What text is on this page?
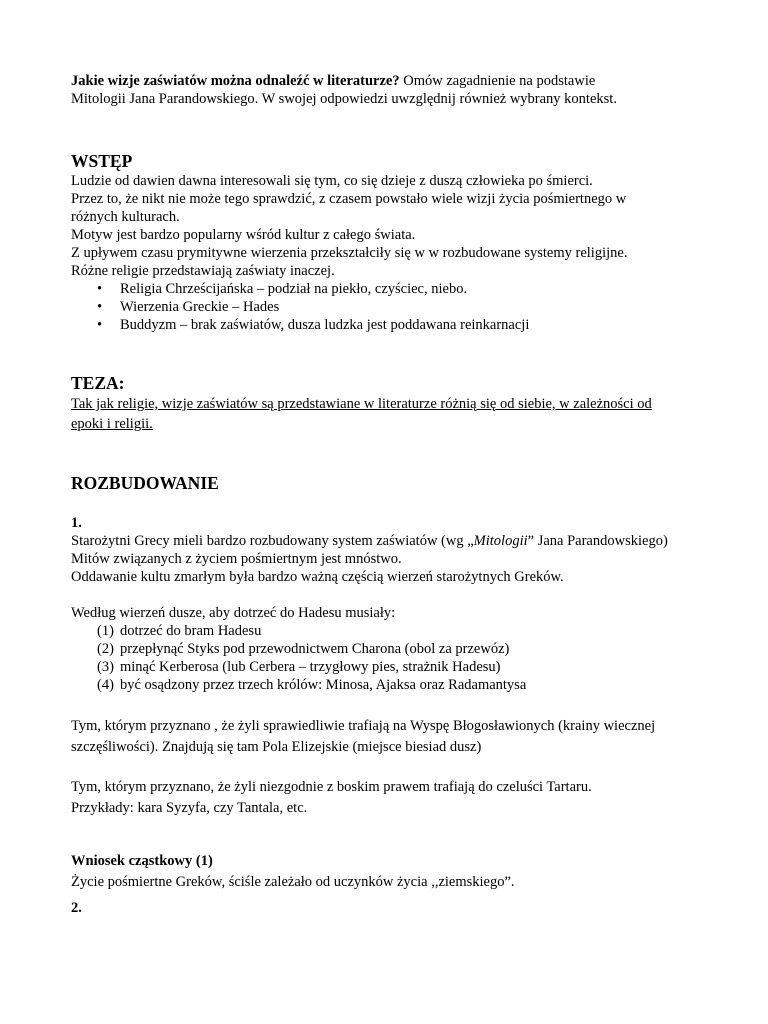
Jakie wizje zaświatów można odnaleźć w literaturze? Omów zagadnienie na podstawie Mitologii Jana Parandowskiego. W swojej odpowiedzi uwzględnij również wybrany kontekst.

WSTĘP

Ludzie od dawien dawna interesowali się tym, co się dzieje z duszą człowieka po śmierci.

Przez to, że nikt nie może tego sprawdzić, z czasem powstało wiele wizji życia pośmiertnego w różnych kulturach.

Motyw jest bardzo popularny wśród kultur z całego świata.

Z upływem czasu prymitywne wierzenia przekształciły się w w rozbudowane systemy religijne.

Różne religie przedstawiają zaświaty inaczej.

• Religia Chrześcijańska – podział na piekło, czyściec, niebo.
• Wierzenia Greckie – Hades
• Buddyzm – brak zaświatów, dusza ludzka jest poddawana reinkarnacji
TEZA:

Tak jak religie, wizje zaświatów są przedstawiane w literaturze różnią się od siebie, w zależności od epoki i religii.

ROZBUDOWANIE

1.

Starożytni Grecy mieli bardzo rozbudowany system zaświatów (wg „Mitologii” Jana Parandowskiego)

Mitów związanych z życiem pośmiertnym jest mnóstwo.

Oddawanie kultu zmarłym była bardzo ważną częścią wierzeń starożytnych Greków.

Według wierzeń dusze, aby dotrzeć do Hadesu musiały:

(1) dotrzeć do bram Hadesu
(2) przepłynąć Styks pod przewodnictwem Charona (obol za przewóz)
(3) minąć Kerberosa (lub Cerbera – trzygłowy pies, strażnik Hadesu)
(4) być osądzony przez trzech królów: Minosa, Ajaksa oraz Radamantysa

Tym, którym przyznano , że żyli sprawiedliwie trafiają na Wyspę Błogosławionych (krainy wiecznej szczęśliwości). Znajdują się tam Pola Elizejskie (miejsce biesiad dusz)

Tym, którym przyznano, że żyli niezgodnie z boskim prawem trafiają do czeluści Tartaru.

Przykłady: kara Syzyfa, czy Tantala, etc.

Wniosek cząstkowy (1)

Życie pośmiertne Greków, ściśle zależało od uczynków życia ,,ziemskiego”.

2.
